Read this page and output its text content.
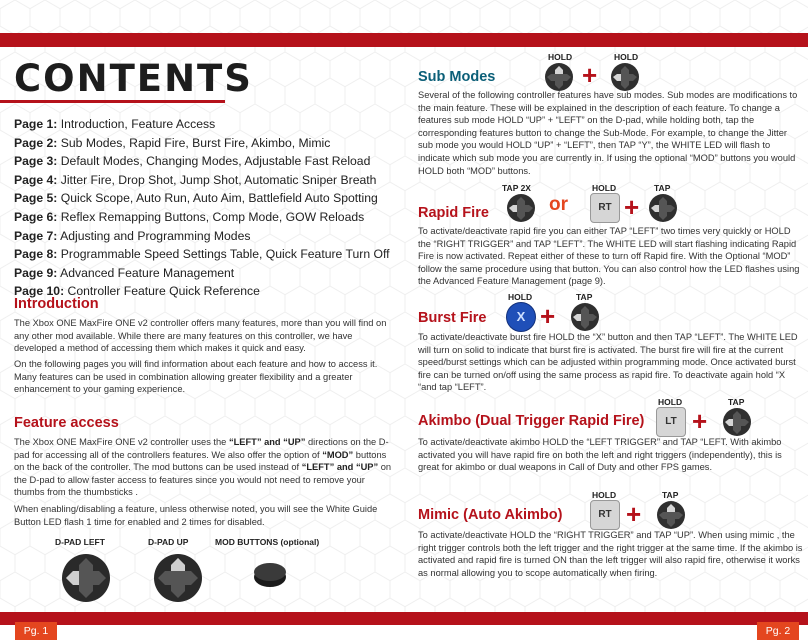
CONTENTS
Page 1: Introduction, Feature Access
Page 2: Sub Modes, Rapid Fire, Burst Fire, Akimbo, Mimic
Page 3: Default Modes, Changing Modes, Adjustable Fast Reload
Page 4: Jitter Fire, Drop Shot, Jump Shot, Automatic Sniper Breath
Page 5: Quick Scope, Auto Run, Auto Aim, Battlefield Auto Spotting
Page 6: Reflex Remapping Buttons, Comp Mode, GOW Reloads
Page 7: Adjusting and Programming Modes
Page 8: Programmable Speed Settings Table, Quick Feature Turn Off
Page 9: Advanced Feature Management
Page 10: Controller Feature Quick Reference
Introduction
The Xbox ONE MaxFire ONE v2 controller offers many features, more than you will find on any other mod available. While there are many features on this controller, we have developed a method of accessing them which makes it quick and easy.
On the following pages you will find information about each feature and how to access it. Many features can be used in combination allowing greater flexibility and a greater enhancement to your gaming experience.
Feature access
The Xbox ONE MaxFire ONE v2 controller uses the “LEFT” and “UP” directions on the D-pad for accessing all of the controllers features. We also offer the option of “MOD” buttons on the back of the controller. The mod buttons can be used instead of “LEFT” and “UP” on the D-pad to allow faster access to features since you would not need to remove your thumbs from the thumbsticks .
When enabling/disabling a feature, unless otherwise noted, you will see the White Guide Button LED flash 1 time for enabled and 2 times for disabled.
D-PAD LEFT	D-PAD UP	MOD BUTTONS (optional)
Pg. 1
Sub Modes
HOLD
+
HOLD
Several of the following controller features have sub modes. Sub modes are modifications to the main feature. These will be explained in the description of each feature. To change a features sub mode HOLD “UP” + “LEFT” on the D-pad, while holding both, tap the corresponding features button to change the Sub-Mode. For example, to change the Jitter sub mode you would HOLD “UP” + “LEFT”, then TAP “Y”, the WHITE LED will flash to indicate which sub mode you are currently in. If using the optional “MOD” buttons you would HOLD both “MOD” buttons.
Rapid Fire
TAP 2X
or
HOLD
RT +
TAP
To activate/deactivate rapid fire you can either TAP “LEFT” two times very quickly or HOLD the “RIGHT TRIGGER” and TAP “LEFT”. The WHITE LED will start flashing indicating Rapid Fire is now activated. Repeat either of these to turn off Rapid fire. With the Optional “MOD” follow the same procedure using that button. You can also control how the LED flashes using the Advanced Feature Management (page 9).
Burst Fire
HOLD
X +
TAP
To activate/deactivate burst fire HOLD the “X” button and then TAP “LEFT”. The WHITE LED will turn on solid to indicate that burst fire is activated. The burst fire will fire at the current speed/burst settings which can be adjusted within programming mode. Once activated burst fire can be turned on/off using the same process as rapid fire. To deactivate again hold “X “and tap “LEFT”.
Akimbo (Dual Trigger Rapid Fire)
HOLD
LT +
TAP
To activate/deactivate akimbo HOLD the “LEFT TRIGGER” and TAP “LEFT. With akimbo activated you will have rapid fire on both the left and right triggers (independently), this is great for akimbo or dual weapons in Call of Duty and other FPS games.
Mimic (Auto Akimbo)
HOLD
RT +
TAP
To activate/deactivate HOLD the “RIGHT TRIGGER” and TAP “UP”. When using mimic , the right trigger controls both the left trigger and the right trigger at the same time. If the akimbo is activated and rapid fire is turned ON than the left trigger will also rapid fire, otherwise it works as normal allowing you to scope automatically when firing.
Pg. 2
